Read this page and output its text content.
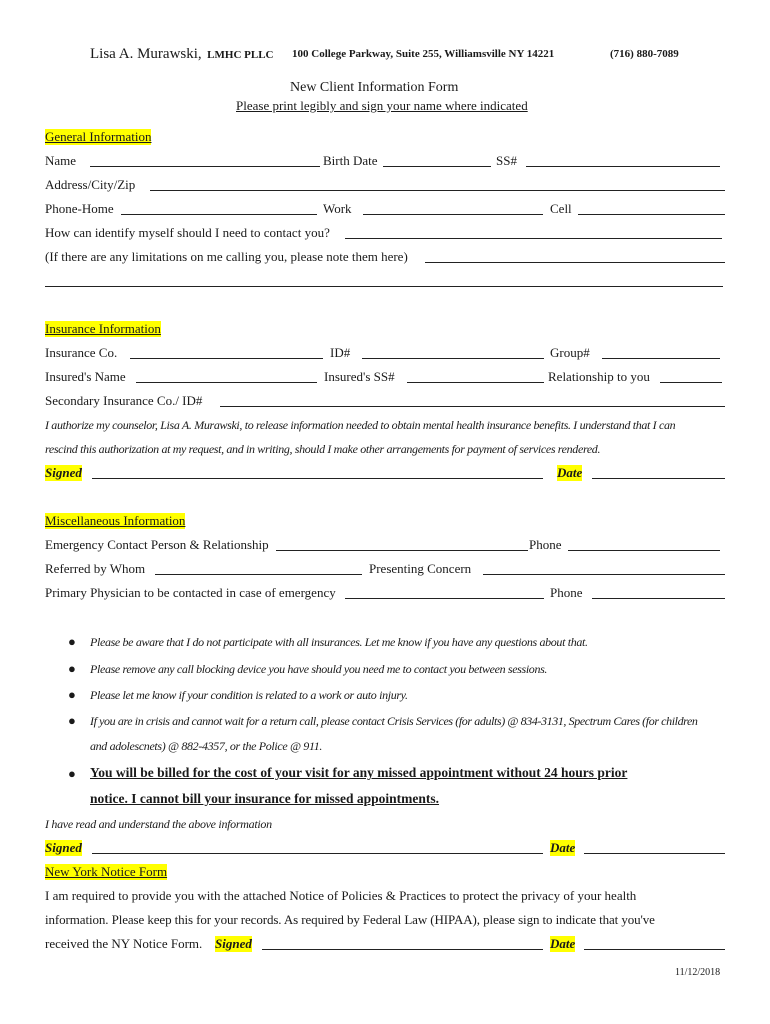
Lisa A. Murawski, LMHC PLLC 100 College Parkway, Suite 255, Williamsville NY 14221	(716) 880-7089
New Client Information Form
Please print legibly and sign your name where indicated
General Information
Name	Birth Date	SS#
Address/City/Zip
Phone-Home	Work	Cell
How can identify myself should I need to contact you?
(If there are any limitations on me calling you, please note them here)
Insurance Information
Insurance Co.	ID#	Group#
Insured's Name	Insured's SS#	Relationship to you
Secondary Insurance Co./ ID#
I authorize my counselor, Lisa A. Murawski, to release information needed to obtain mental health insurance benefits. I understand that I can
rescind this authorization at my request, and in writing, should I make other arrangements for payment of services rendered.
Signed	Date
Miscellaneous Information
Emergency Contact Person & Relationship	Phone
Referred by Whom	Presenting Concern
Primary Physician to be contacted in case of emergency	Phone
● Please be aware that I do not participate with all insurances. Let me know if you have any questions about that.
● Please remove any call blocking device you have should you need me to contact you between sessions.
● Please let me know if your condition is related to a work or auto injury.
● If you are in crisis and cannot wait for a return call, please contact Crisis Services (for adults) @ 834-3131, Spectrum Cares (for children
and adolescnets) @ 882-4357, or the Police @ 911.
● You will be billed for the cost of your visit for any missed appointment without 24 hours prior
notice. I cannot bill your insurance for missed appointments.
I have read and understand the above information
Signed	Date
New York Notice Form
I am required to provide you with the attached Notice of Policies & Practices to protect the privacy of your health
information. Please keep this for your records. As required by Federal Law (HIPAA), please sign to indicate that you've
received the NY Notice Form. Signed	Date
11/12/2018
